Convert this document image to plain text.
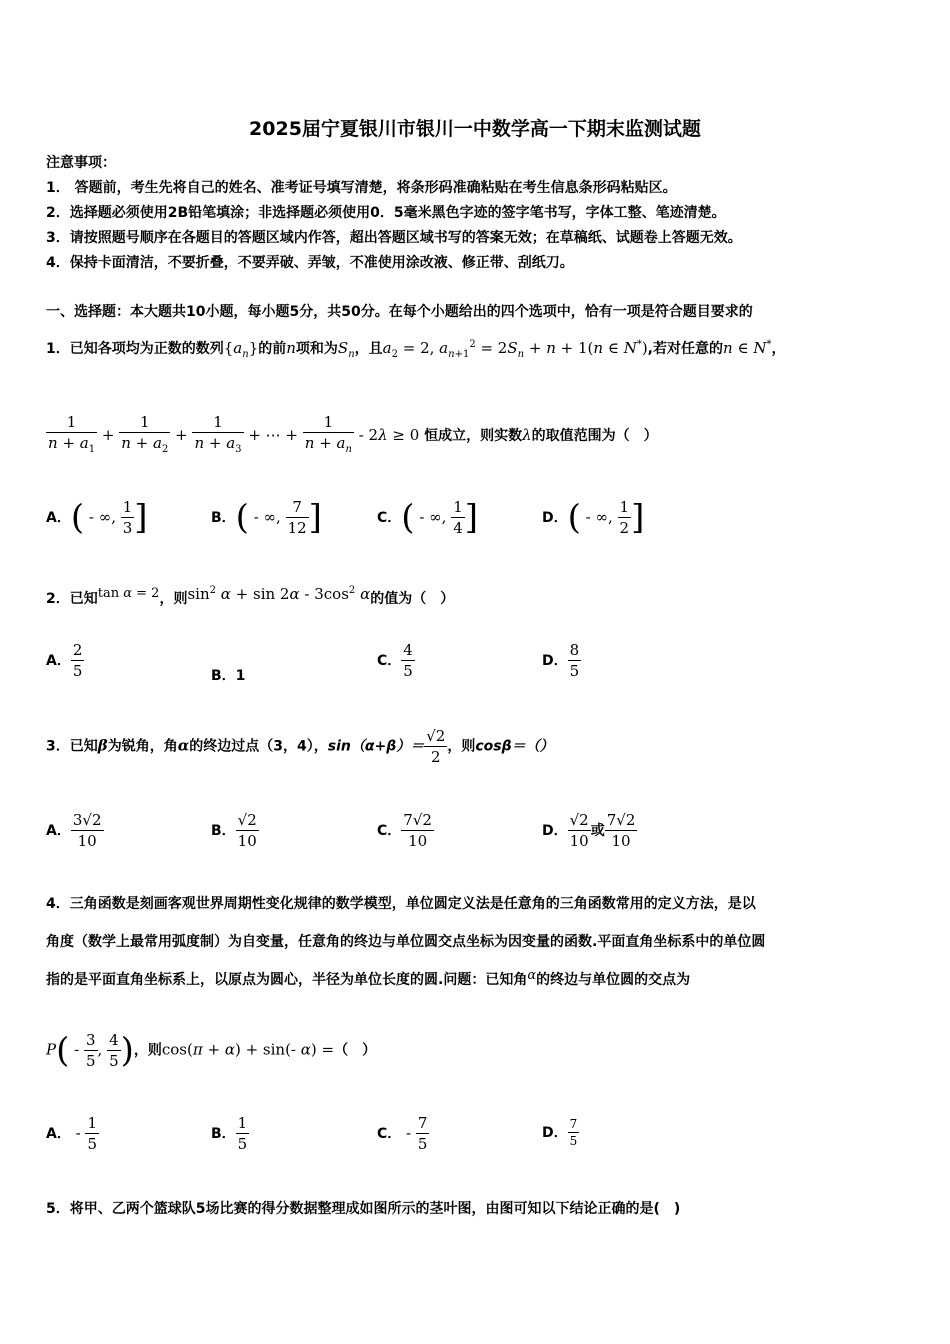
2025届宁夏银川市银川一中数学高一下期末监测试题
注意事项：
1． 答题前，考生先将自己的姓名、准考证号填写清楚，将条形码准确粘贴在考生信息条形码粘贴区。
2．选择题必须使用2B铅笔填涂；非选择题必须使用0．5毫米黑色字迹的签字笔书写，字体工整、笔迹清楚。
3．请按照题号顺序在各题目的答题区域内作答，超出答题区域书写的答案无效；在草稿纸、试题卷上答题无效。
4．保持卡面清洁，不要折叠，不要弄破、弄皱，不准使用涂改液、修正带、刮纸刀。
一、选择题：本大题共10小题，每小题5分，共50分。在每个小题给出的四个选项中，恰有一项是符合题目要求的
1．已知各项均为正数的数列$\{a_n\}$的前n项和为$S_n$，且$a_2 = 2$, $a_{n+1}^2 = 2S_n + n + 1(n$ ∈ N*),若对任意的n ∈ N*，
$\frac{1}{n + a_1} + \frac{1}{n + a_2} + \frac{1}{n + a_3}$ + ⋯ + $\frac{1}{n + a_n} - 2\lambda \ge 0$ 恒成立，则实数λ的取值范围为（　）
A．( - ∞, $\frac{1}{3}$ ]	B．( - ∞, $\frac{7}{12}$ ]	C．( - ∞, $\frac{1}{4}$ ]	D．( - ∞, $\frac{1}{2}$ ]
2．已知tan α = 2，则$\sin^2 \alpha + \sin 2\alpha - 3\cos^2$ α的值为（　）
A． $\frac{2}{5}$	B．1
C． $\frac{4}{5}$	D． $\frac{8}{5}$
3．已知β为锐角，角α的终边过点（3，4），$\sin(\alpha+\beta)= \frac{√2}{2}$ ，则cosβ＝（）
A． $\frac{3√2}{10}$	B． $\frac{√2}{10}$	C． $\frac{7√2}{10}$	D． $\frac{√2}{10}$ 或 $\frac{7√2}{10}$
4．三角函数是刻画客观世界周期性变化规律的数学模型，单位圆定义法是任意角的三角函数常用的定义方法，是以
角度（数学上最常用弧度制）为自变量，任意角的终边与单位圆交点坐标为因变量的函数.平面直角坐标系中的单位圆
指的是平面直角坐标系上，以原点为圆心，半径为单位长度的圆.问题：已知角α的终边与单位圆的交点为
$P( - \frac{3}{5}$ , $\frac{4}{5}$ )，则cos(π + α) + sin(- α) =（　）
A． - $\frac{1}{5}$	B． $\frac{1}{5}$	C． - $\frac{7}{5}$	D． $\frac{7}{5}$
5．将甲、乙两个篮球队5场比赛的得分数据整理成如图所示的茎叶图，由图可知以下结论正确的是(　)
